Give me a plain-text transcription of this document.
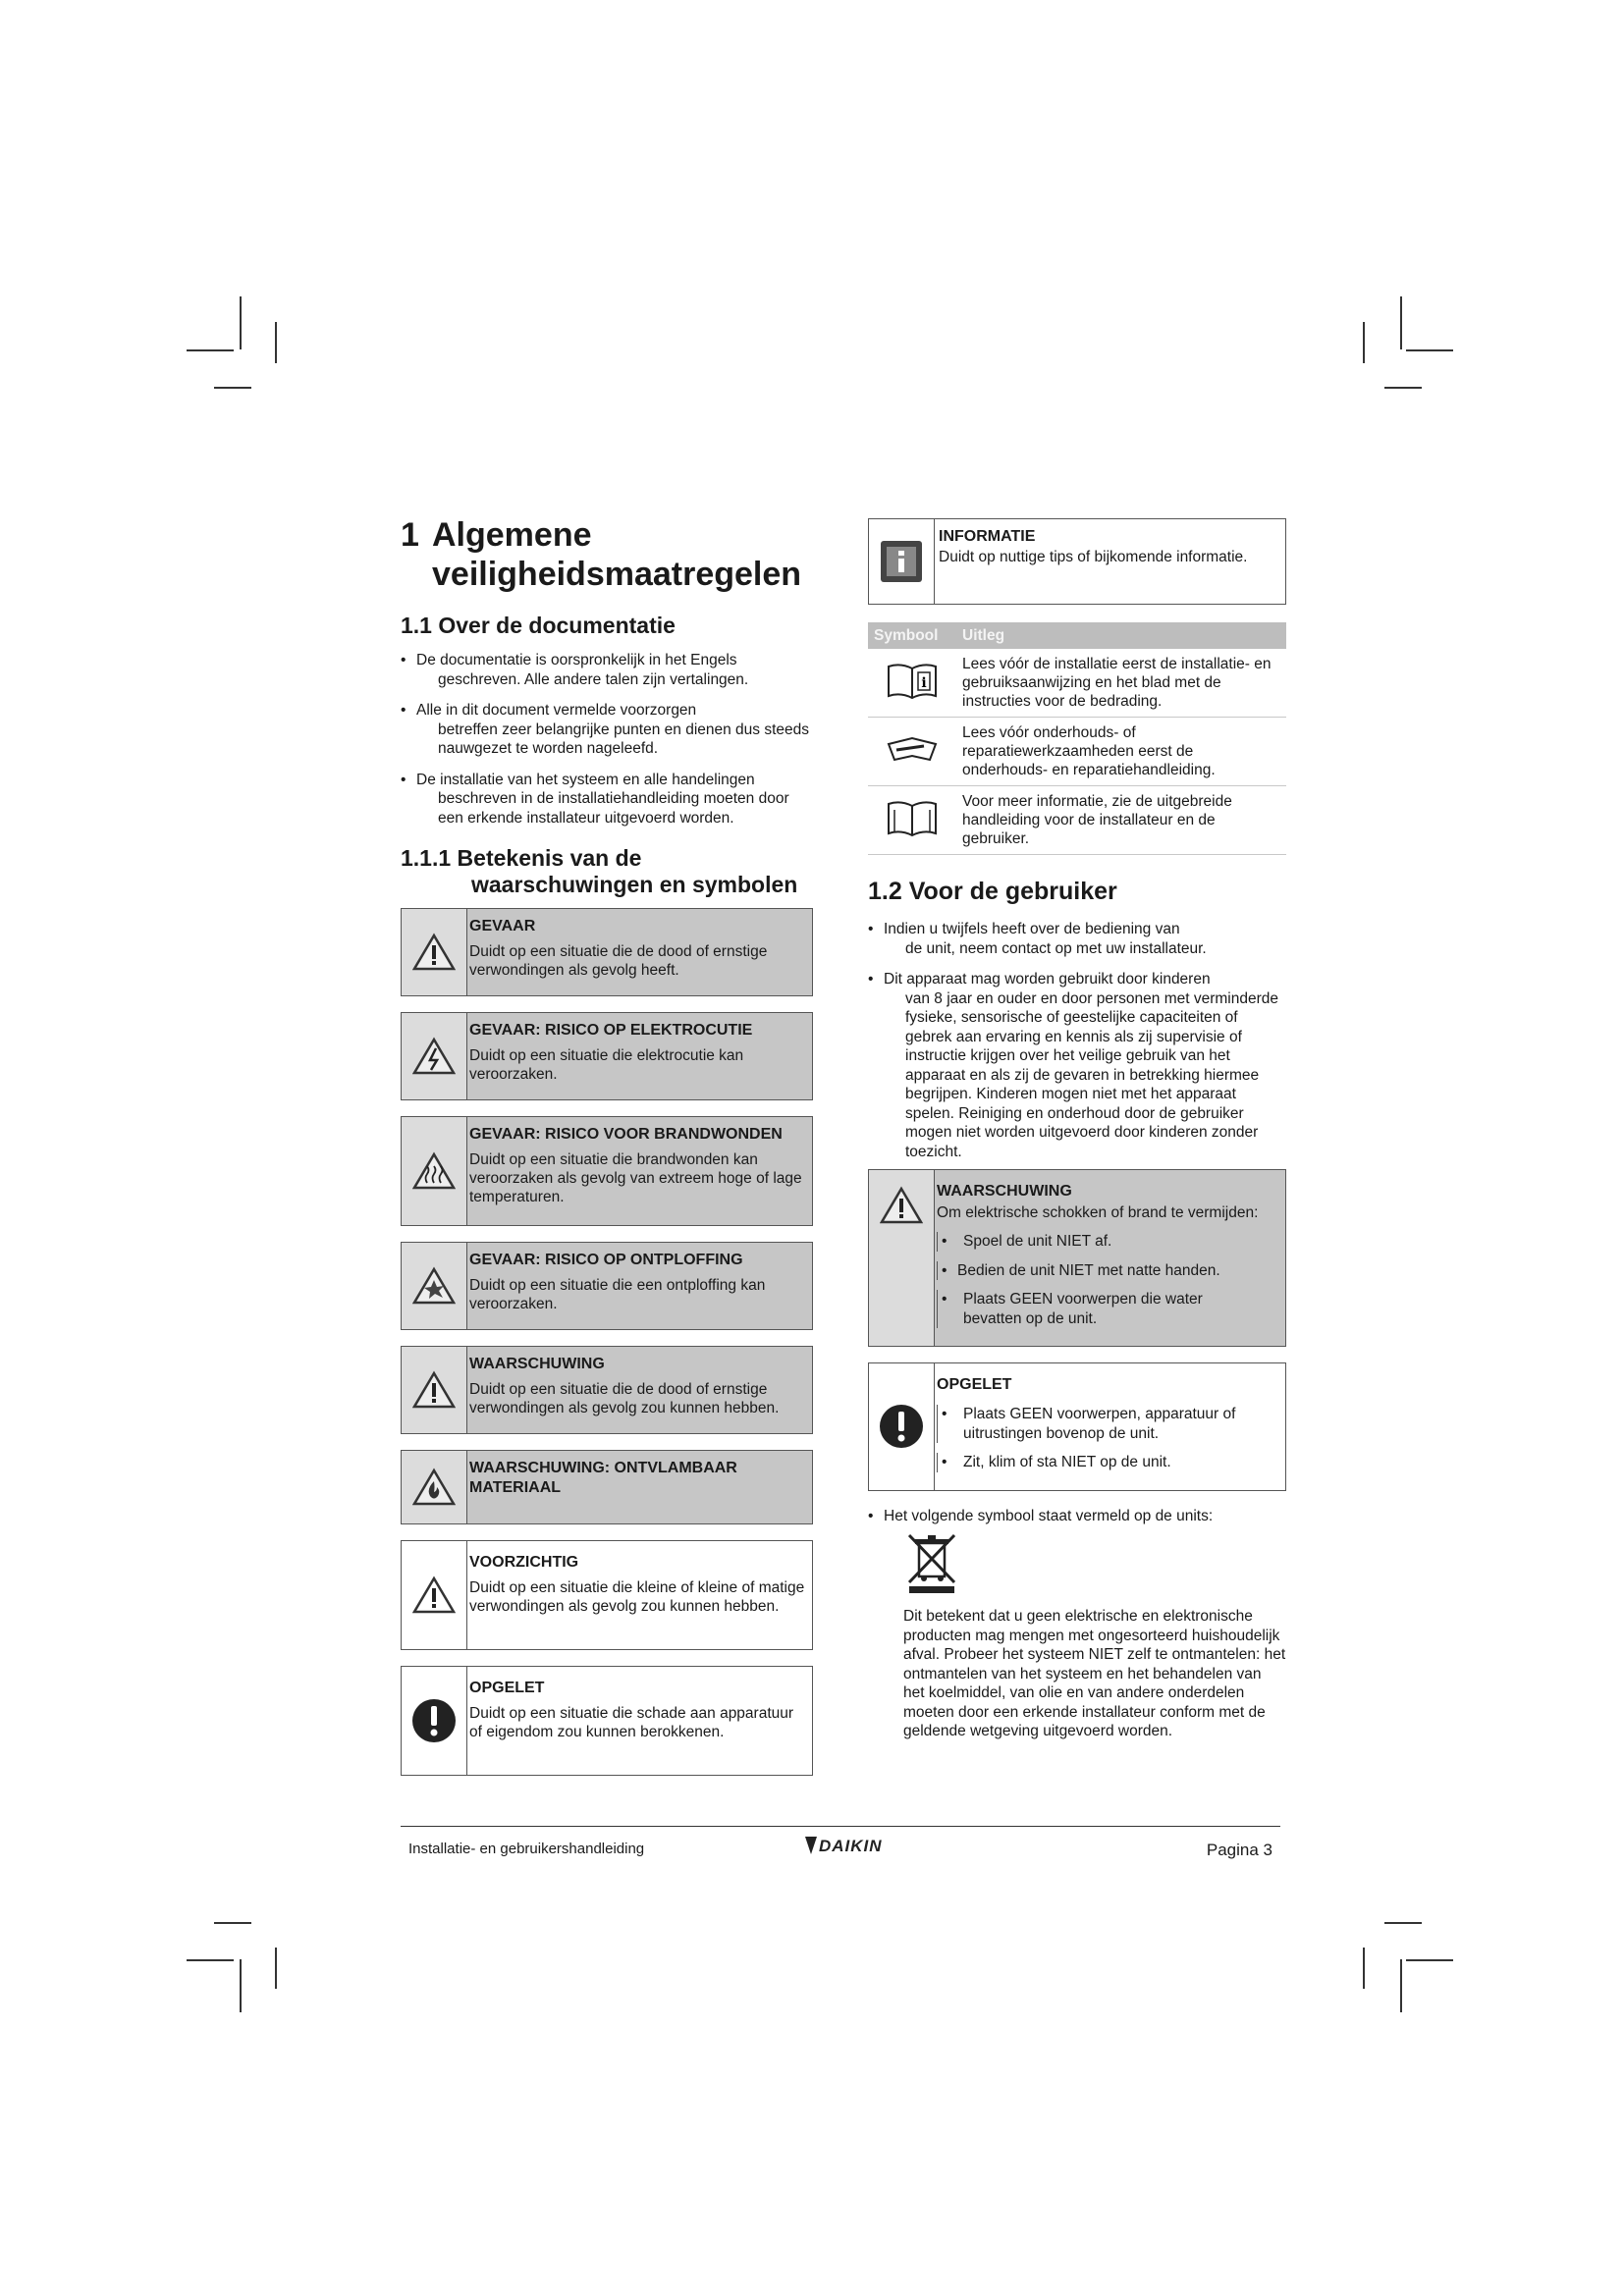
1 Algemene
veiligheidsmaatregelen
1.1 Over de documentatie
• De documentatie is oorspronkelijk in het Engels
geschreven. Alle andere talen zijn vertalingen.
• Alle in dit document vermelde voorzorgen
betreffen zeer belangrijke punten en dienen dus steeds nauwgezet te worden nageleefd.
• De installatie van het systeem en alle handelingen
beschreven in de installatiehandleiding moeten door een erkende installateur uitgevoerd worden.
1.1.1 Betekenis van de
waarschuwingen en symbolen
GEVAAR
Duidt op een situatie die de dood of ernstige verwondingen als gevolg heeft.
GEVAAR: RISICO OP ELEKTROCUTIE
Duidt op een situatie die elektrocutie kan veroorzaken.
GEVAAR: RISICO VOOR BRANDWONDEN
Duidt op een situatie die brandwonden kan veroorzaken als gevolg van extreem hoge of lage temperaturen.
GEVAAR: RISICO OP ONTPLOFFING
Duidt op een situatie die een ontploffing kan veroorzaken.
WAARSCHUWING
Duidt op een situatie die de dood of ernstige verwondingen als gevolg zou kunnen hebben.
WAARSCHUWING: ONTVLAMBAAR MATERIAAL
VOORZICHTIG
Duidt op een situatie die kleine of kleine of matige verwondingen als gevolg zou kunnen hebben.
OPGELET
Duidt op een situatie die schade aan apparatuur of eigendom zou kunnen berokkenen.
INFORMATIE
Duidt op nuttige tips of bijkomende informatie.
Symbool	Uitleg

i	Lees vóór de installatie eerst de installatie- en gebruiksaanwijzing en het blad met de instructies voor de bedrading.
	Lees vóór onderhouds- of reparatiewerkzaamheden eerst de onderhouds- en reparatiehandleiding.
	Voor meer informatie, zie de uitgebreide handleiding voor de installateur en de gebruiker.
1.2 Voor de gebruiker
• Indien u twijfels heeft over de bediening van
de unit, neem contact op met uw installateur.
• Dit apparaat mag worden gebruikt door kinderen
van 8 jaar en ouder en door personen met verminderde fysieke, sensorische of geestelijke capaciteiten of gebrek aan ervaring en kennis als zij supervisie of instructie krijgen over het veilige gebruik van het apparaat en als zij de gevaren in betrekking hiermee begrijpen. Kinderen mogen niet met het apparaat spelen. Reiniging en onderhoud door de gebruiker mogen niet worden uitgevoerd door kinderen zonder toezicht.
WAARSCHUWING
Om elektrische schokken of brand te vermijden:
• Spoel de unit NIET af.
• Bedien de unit NIET met natte handen.
• Plaats GEEN voorwerpen die water
bevatten op de unit.
OPGELET
• Plaats GEEN voorwerpen, apparatuur of
uitrustingen bovenop de unit.
• Zit, klim of sta NIET op de unit.
• Het volgende symbool staat vermeld op de units:
Dit betekent dat u geen elektrische en elektronische producten mag mengen met ongesorteerd huishoudelijk afval. Probeer het systeem NIET zelf te ontmantelen: het ontmantelen van het systeem en het behandelen van het koelmiddel, van olie en van andere onderdelen moeten door een erkende installateur conform met de geldende wetgeving uitgevoerd worden.
Installatie- en gebruikershandleiding	DAIKIN	Pagina 3
